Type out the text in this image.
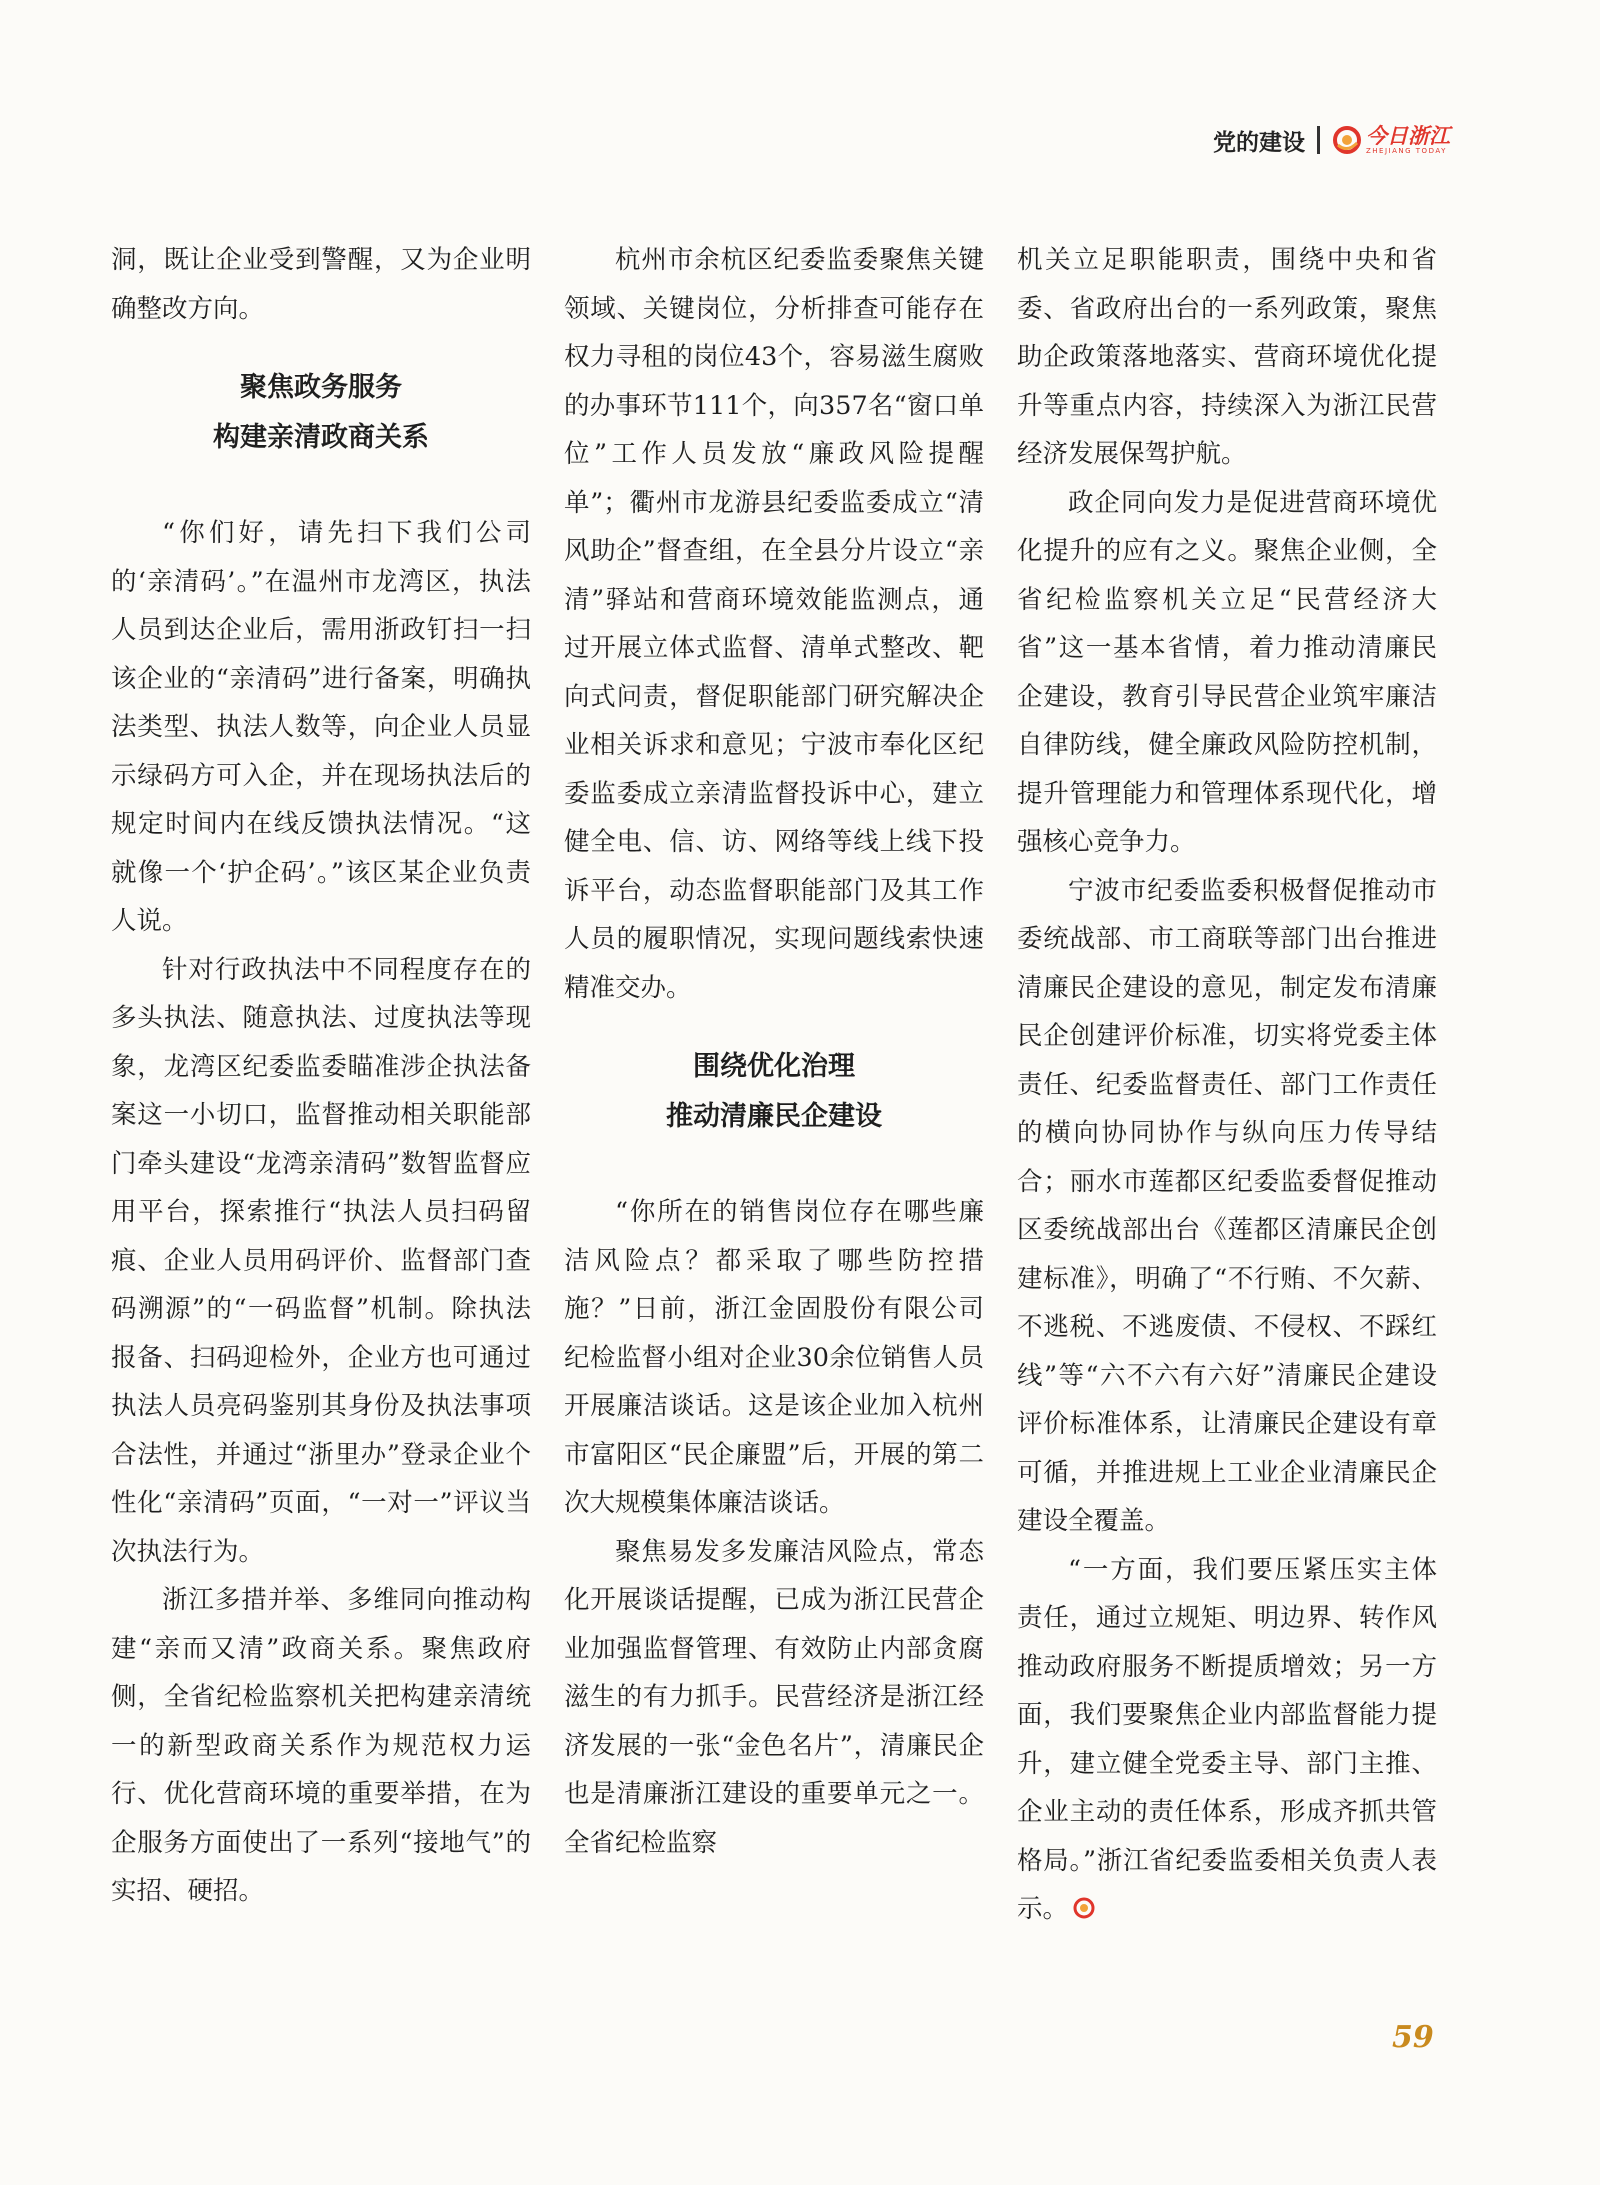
党的建设	今日浙江
ZHEJIANG TODAY

洞，既让企业受到警醒，又为企业明确整改方向。

聚焦政务服务
构建亲清政商关系

“你们好，请先扫下我们公司的‘亲清码’。”在温州市龙湾区，执法人员到达企业后，需用浙政钉扫一扫该企业的“亲清码”进行备案，明确执法类型、执法人数等，向企业人员显示绿码方可入企，并在现场执法后的规定时间内在线反馈执法情况。“这就像一个‘护企码’。”该区某企业负责人说。

针对行政执法中不同程度存在的多头执法、随意执法、过度执法等现象，龙湾区纪委监委瞄准涉企执法备案这一小切口，监督推动相关职能部门牵头建设“龙湾亲清码”数智监督应用平台，探索推行“执法人员扫码留痕、企业人员用码评价、监督部门查码溯源”的“一码监督”机制。除执法报备、扫码迎检外，企业方也可通过执法人员亮码鉴别其身份及执法事项合法性，并通过“浙里办”登录企业个性化“亲清码”页面，“一对一”评议当次执法行为。

浙江多措并举、多维同向推动构建“亲而又清”政商关系。聚焦政府侧，全省纪检监察机关把构建亲清统一的新型政商关系作为规范权力运行、优化营商环境的重要举措，在为企服务方面使出了一系列“接地气”的实招、硬招。

杭州市余杭区纪委监委聚焦关键领域、关键岗位，分析排查可能存在权力寻租的岗位43个，容易滋生腐败的办事环节111个，向357名“窗口单位”工作人员发放“廉政风险提醒单”；衢州市龙游县纪委监委成立“清风助企”督查组，在全县分片设立“亲清”驿站和营商环境效能监测点，通过开展立体式监督、清单式整改、靶向式问责，督促职能部门研究解决企业相关诉求和意见；宁波市奉化区纪委监委成立亲清监督投诉中心，建立健全电、信、访、网络等线上线下投诉平台，动态监督职能部门及其工作人员的履职情况，实现问题线索快速精准交办。

围绕优化治理
推动清廉民企建设

“你所在的销售岗位存在哪些廉洁风险点？都采取了哪些防控措施？”日前，浙江金固股份有限公司纪检监督小组对企业30余位销售人员开展廉洁谈话。这是该企业加入杭州市富阳区“民企廉盟”后，开展的第二次大规模集体廉洁谈话。

聚焦易发多发廉洁风险点，常态化开展谈话提醒，已成为浙江民营企业加强监督管理、有效防止内部贪腐滋生的有力抓手。民营经济是浙江经济发展的一张“金色名片”，清廉民企也是清廉浙江建设的重要单元之一。全省纪检监察

机关立足职能职责，围绕中央和省委、省政府出台的一系列政策，聚焦助企政策落地落实、营商环境优化提升等重点内容，持续深入为浙江民营经济发展保驾护航。

政企同向发力是促进营商环境优化提升的应有之义。聚焦企业侧，全省纪检监察机关立足“民营经济大省”这一基本省情，着力推动清廉民企建设，教育引导民营企业筑牢廉洁自律防线，健全廉政风险防控机制，提升管理能力和管理体系现代化，增强核心竞争力。

宁波市纪委监委积极督促推动市委统战部、市工商联等部门出台推进清廉民企建设的意见，制定发布清廉民企创建评价标准，切实将党委主体责任、纪委监督责任、部门工作责任的横向协同协作与纵向压力传导结合；丽水市莲都区纪委监委督促推动区委统战部出台《莲都区清廉民企创建标准》，明确了“不行贿、不欠薪、不逃税、不逃废债、不侵权、不踩红线”等“六不六有六好”清廉民企建设评价标准体系，让清廉民企建设有章可循，并推进规上工业企业清廉民企建设全覆盖。

“一方面，我们要压紧压实主体责任，通过立规矩、明边界、转作风推动政府服务不断提质增效；另一方面，我们要聚焦企业内部监督能力提升，建立健全党委主导、部门主推、企业主动的责任体系，形成齐抓共管格局。”浙江省纪委监委相关负责人表示。

59
